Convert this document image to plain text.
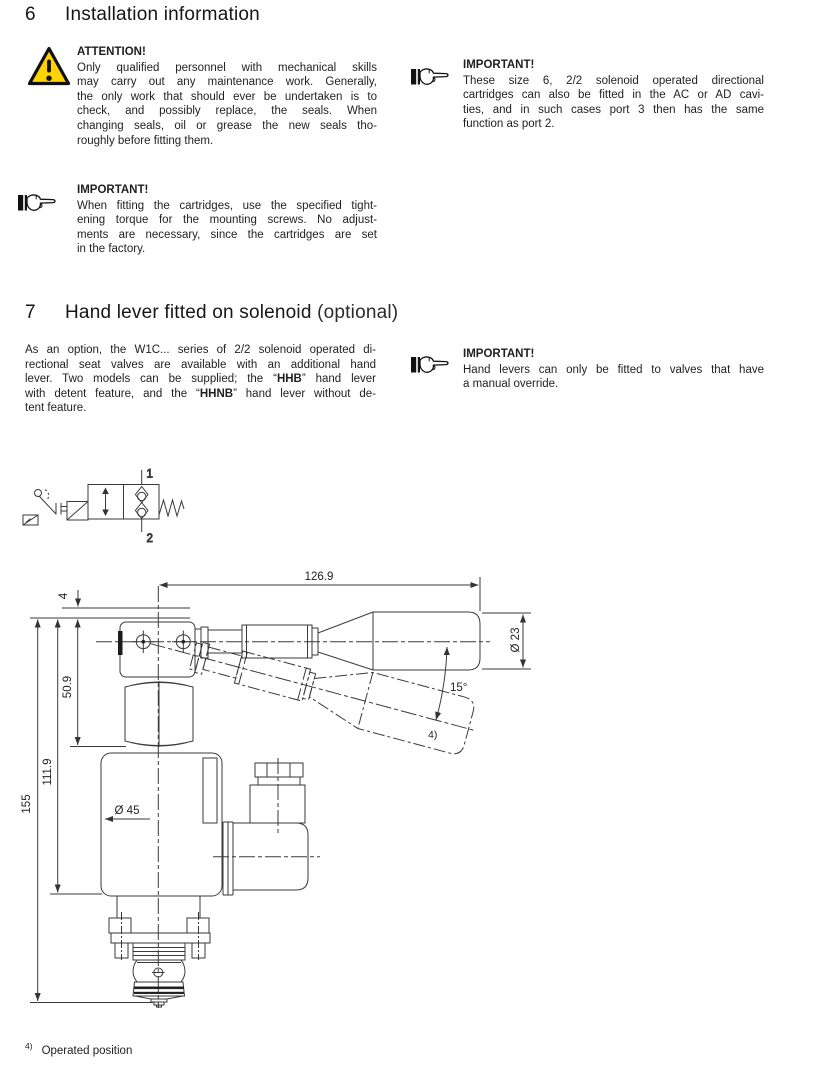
6 Installation information
ATTENTION!
Only qualified personnel with mechanical skills
may carry out any maintenance work. Generally,
the only work that should ever be undertaken is to
check, and possibly replace, the seals. When
changing seals, oil or grease the new seals tho-
roughly before fitting them.
IMPORTANT!
These size 6, 2/2 solenoid operated directional
cartridges can also be fitted in the AC or AD cavi-
ties, and in such cases port 3 then has the same
function as port 2.
IMPORTANT!
When fitting the cartridges, use the specified tight-
ening torque for the mounting screws. No adjust-
ments are necessary, since the cartridges are set
in the factory.
7 Hand lever fitted on solenoid (optional)
As an option, the W1C... series of 2/2 solenoid operated di-
rectional seat valves are available with an additional hand
lever. Two models can be supplied; the “HHB” hand lever
with detent feature, and the “HHNB” hand lever without de-
tent feature.
IMPORTANT!
Hand levers can only be fitted to valves that have
a manual override.
$^{4)}$ Operated position
1
2
126.9
Ø 23
4
50.9
111.9
155	Ø 45
15°
4)
